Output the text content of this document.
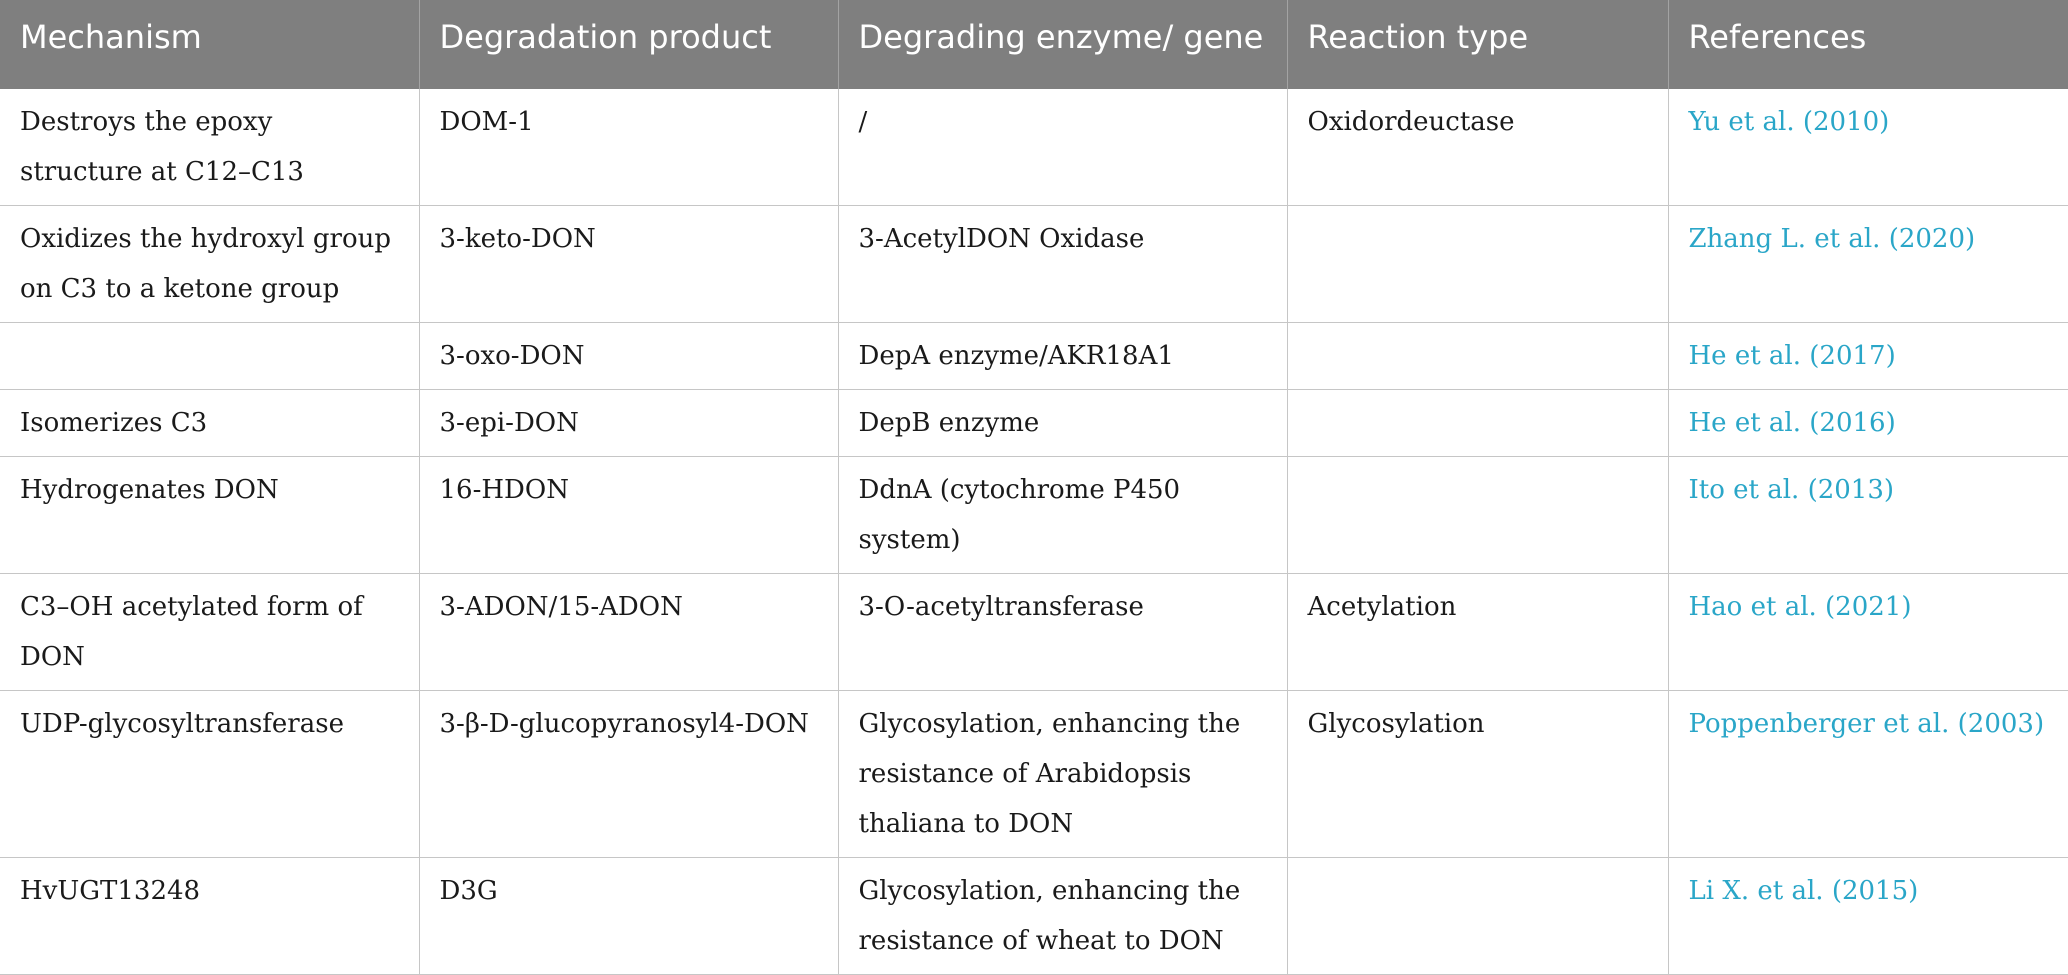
Mechanism	Degradation product	Degrading enzyme/ gene	Reaction type	References
Destroys the epoxy structure at C12–C13	DOM-1	/	Oxidordeuctase	Yu et al. (2010)
Oxidizes the hydroxyl group on C3 to a ketone group	3-keto-DON	3-AcetylDON Oxidase		Zhang L. et al. (2020)
	3-oxo-DON	DepA enzyme/AKR18A1		He et al. (2017)
Isomerizes C3	3-epi-DON	DepB enzyme		He et al. (2016)
Hydrogenates DON	16-HDON	DdnA (cytochrome P450 system)		Ito et al. (2013)
C3–OH acetylated form of DON	3-ADON/15-ADON	3-O-acetyltransferase	Acetylation	Hao et al. (2021)
UDP-glycosyltransferase	3-β-D-glucopyranosyl4-DON	Glycosylation, enhancing the resistance of Arabidopsis thaliana to DON	Glycosylation	Poppenberger et al. (2003)
HvUGT13248	D3G	Glycosylation, enhancing the resistance of wheat to DON		Li X. et al. (2015)
